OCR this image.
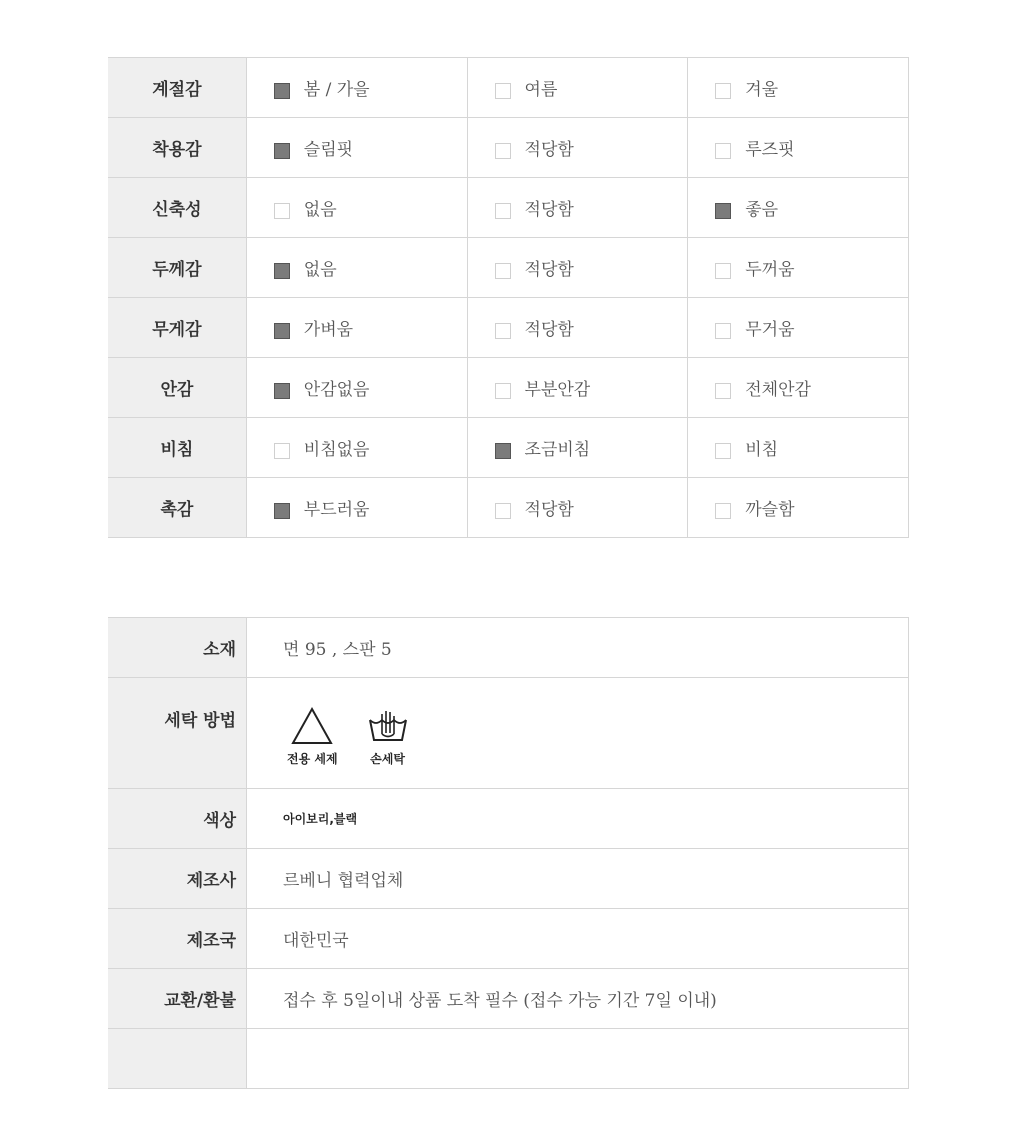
계절감	봄 / 가을	여름	겨울

착용감	슬림핏	적당함	루즈핏

신축성	없음	적당함	좋음

두께감	없음	적당함	두꺼움

무게감	가벼움	적당함	무거움

안감	안감없음	부분안감	전체안감

비침	비침없음	조금비침	비침

촉감	부드러움	적당함	까슬함
소재	면 95 , 스판 5
세탁 방법	전용 세제 손세탁

색상	아이보리,블랙
제조사	르베니 협력업체
제조국	대한민국
교환/환불	접수 후 5일이내 상품 도착 필수 (접수 가능 기간 7일 이내)
